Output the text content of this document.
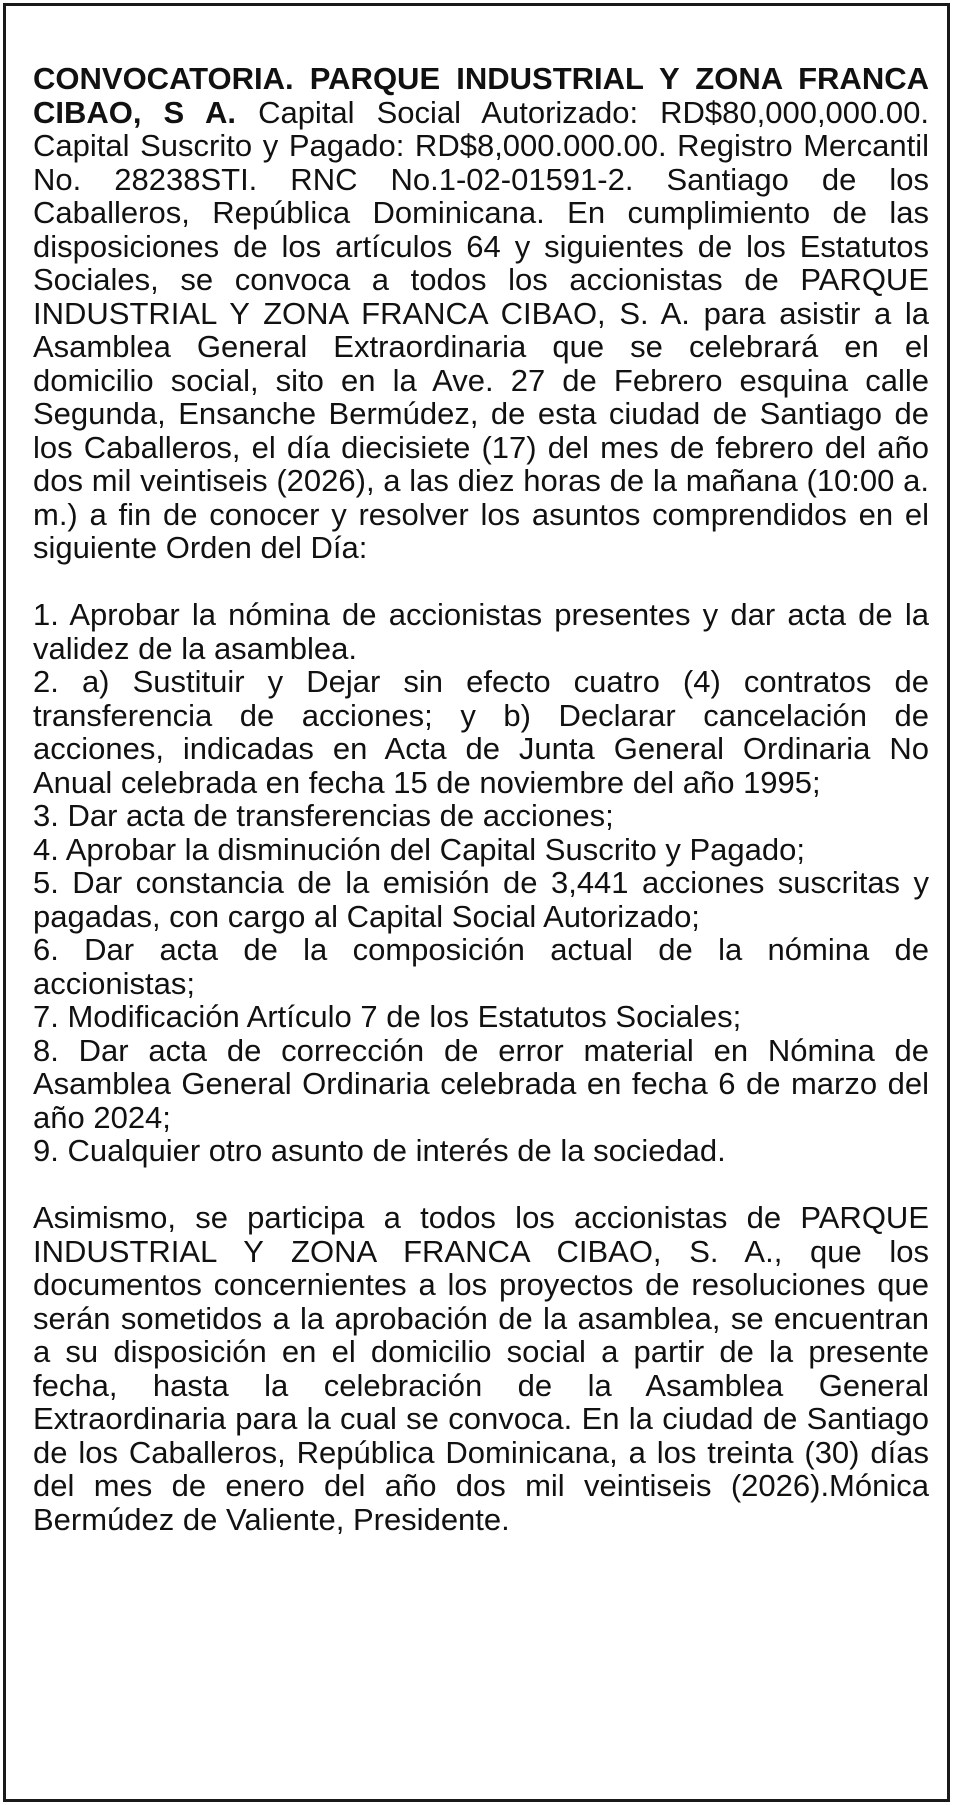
CONVOCATORIA. PARQUE INDUSTRIAL Y ZONA FRANCA CIBAO, S A. Capital Social Autorizado: RD$80,000,000.00. Capital Suscrito y Pagado: RD$8,000.000.00. Registro Mercantil No. 28238STI. RNC No.1-02-01591-2. Santiago de los Caballeros, República Dominicana. En cumplimiento de las disposiciones de los artículos 64 y siguientes de los Estatutos Sociales, se convoca a todos los accionistas de PARQUE INDUSTRIAL Y ZONA FRANCA CIBAO, S. A. para asistir a la Asamblea General Extraordinaria que se celebrará en el domicilio social, sito en la Ave. 27 de Febrero esquina calle Segunda, Ensanche Bermúdez, de esta ciudad de Santiago de los Caballeros, el día diecisiete (17) del mes de febrero del año dos mil veintiseis (2026), a las diez horas de la mañana (10:00 a. m.) a fin de conocer y resolver los asuntos comprendidos en el siguiente Orden del Día:

1. Aprobar la nómina de accionistas presentes y dar acta de la validez de la asamblea.
2. a) Sustituir y Dejar sin efecto cuatro (4) contratos de transferencia de acciones; y b) Declarar cancelación de acciones, indicadas en Acta de Junta General Ordinaria No Anual celebrada en fecha 15 de noviembre del año 1995;
3. Dar acta de transferencias de acciones;
4. Aprobar la disminución del Capital Suscrito y Pagado;
5. Dar constancia de la emisión de 3,441 acciones suscritas y pagadas, con cargo al Capital Social Autorizado;
6. Dar acta de la composición actual de la nómina de accionistas;
7. Modificación Artículo 7 de los Estatutos Sociales;
8. Dar acta de corrección de error material en Nómina de Asamblea General Ordinaria celebrada en fecha 6 de marzo del año 2024;
9. Cualquier otro asunto de interés de la sociedad.

Asimismo, se participa a todos los accionistas de PARQUE INDUSTRIAL Y ZONA FRANCA CIBAO, S. A., que los documentos concernientes a los proyectos de resoluciones que serán sometidos a la aprobación de la asamblea, se encuentran a su disposición en el domicilio social a partir de la presente fecha, hasta la celebración de la Asamblea General Extraordinaria para la cual se convoca. En la ciudad de Santiago de los Caballeros, República Dominicana, a los treinta (30) días del mes de enero del año dos mil veintiseis (2026).Mónica Bermúdez de Valiente, Presidente.
